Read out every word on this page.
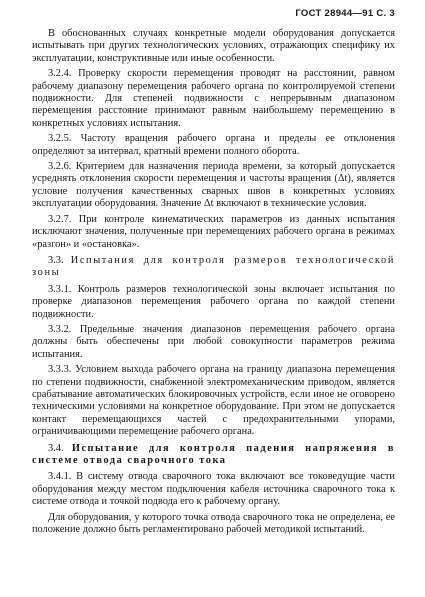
ГОСТ 28944—91 С. 3
В обоснованных случаях конкретные модели оборудования допускается испытывать при других технологических условиях, отражающих специфику их эксплуатации, конструктивные или иные особенности.
3.2.4. Проверку скорости перемещения проводят на расстоянии, равном рабочему диапазону перемещения рабочего органа по контролируемой степени подвижности. Для степеней подвижности с непрерывным диапазоном перемещения расстояние принимают равным наибольшему перемещению в конкретных условиях испытания.
3.2.5. Частоту вращения рабочего органа и пределы ее отклонения определяют за интервал, кратный времени полного оборота.
3.2.6. Критерием для назначения периода времени, за который допускается усреднять отклонения скорости перемещения и частоты вращения (Δt), является условие получения качественных сварных швов в конкретных условиях эксплуатации оборудования. Значение Δt включают в технические условия.
3.2.7. При контроле кинематических параметров из данных испытания исключают значения, полученные при перемещениях рабочего органа в режимах «разгон» и «остановка».
3.3. Испытания для контроля размеров технологической зоны
3.3.1. Контроль размеров технологической зоны включает испытания по проверке диапазонов перемещения рабочего органа по каждой степени подвижности.
3.3.2. Предельные значения диапазонов перемещения рабочего органа должны быть обеспечены при любой совокупности параметров режима испытания.
3.3.3. Условием выхода рабочего органа на границу диапазона перемещения по степени подвижности, снабженной электромеханическим приводом, является срабатывание автоматических блокировочных устройств, если иное не оговорено техническими условиями на конкретное оборудование. При этом не допускается контакт перемещающихся частей с предохранительными упорами, ограничивающими перемещение рабочего органа.
3.4. Испытание для контроля падения напряжения в системе отвода сварочного тока
3.4.1. В систему отвода сварочного тока включают все токоведущие части оборудования между местом подключения кабеля источника сварочного тока к системе отвода и точкой подвода его к рабочему органу.
Для оборудования, у которого точка отвода сварочного тока не определена, ее положение должно быть регламентировано рабочей методикой испытаний.
